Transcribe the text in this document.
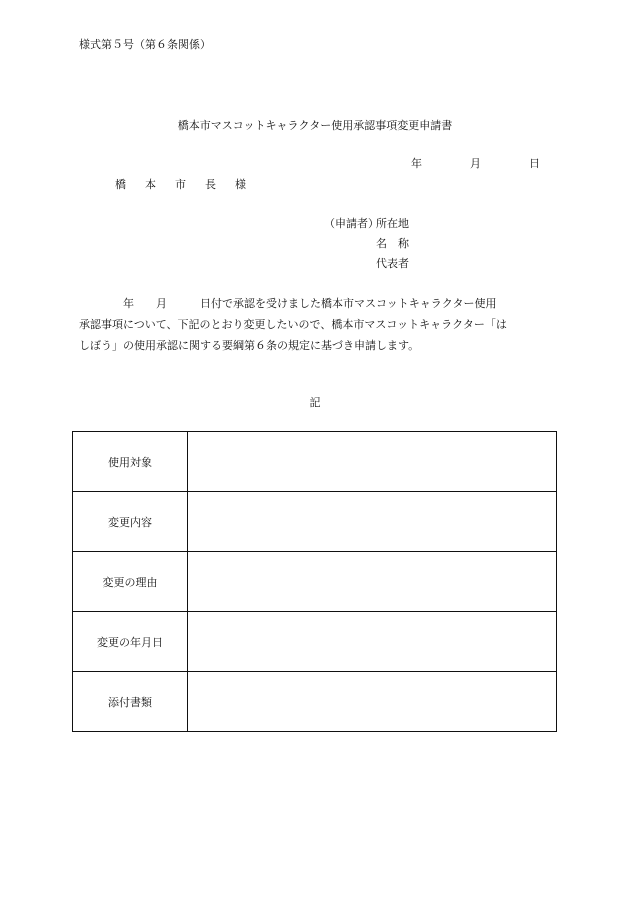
様式第５号（第６条関係）
橋本市マスコットキャラクター使用承認事項変更申請書
年	月	日
橋　本　市　長　様
（申請者）
所在地
名　称
代表者

　　　　年　　月　　　日付で承認を受けました橋本市マスコットキャラクター使用

承認事項について、下記のとおり変更したいので、橋本市マスコットキャラクター「は

しぼう」の使用承認に関する要綱第６条の規定に基づき申請します。

記
使用対象	
変更内容	
変更の理由	
変更の年月日	
添付書類	
